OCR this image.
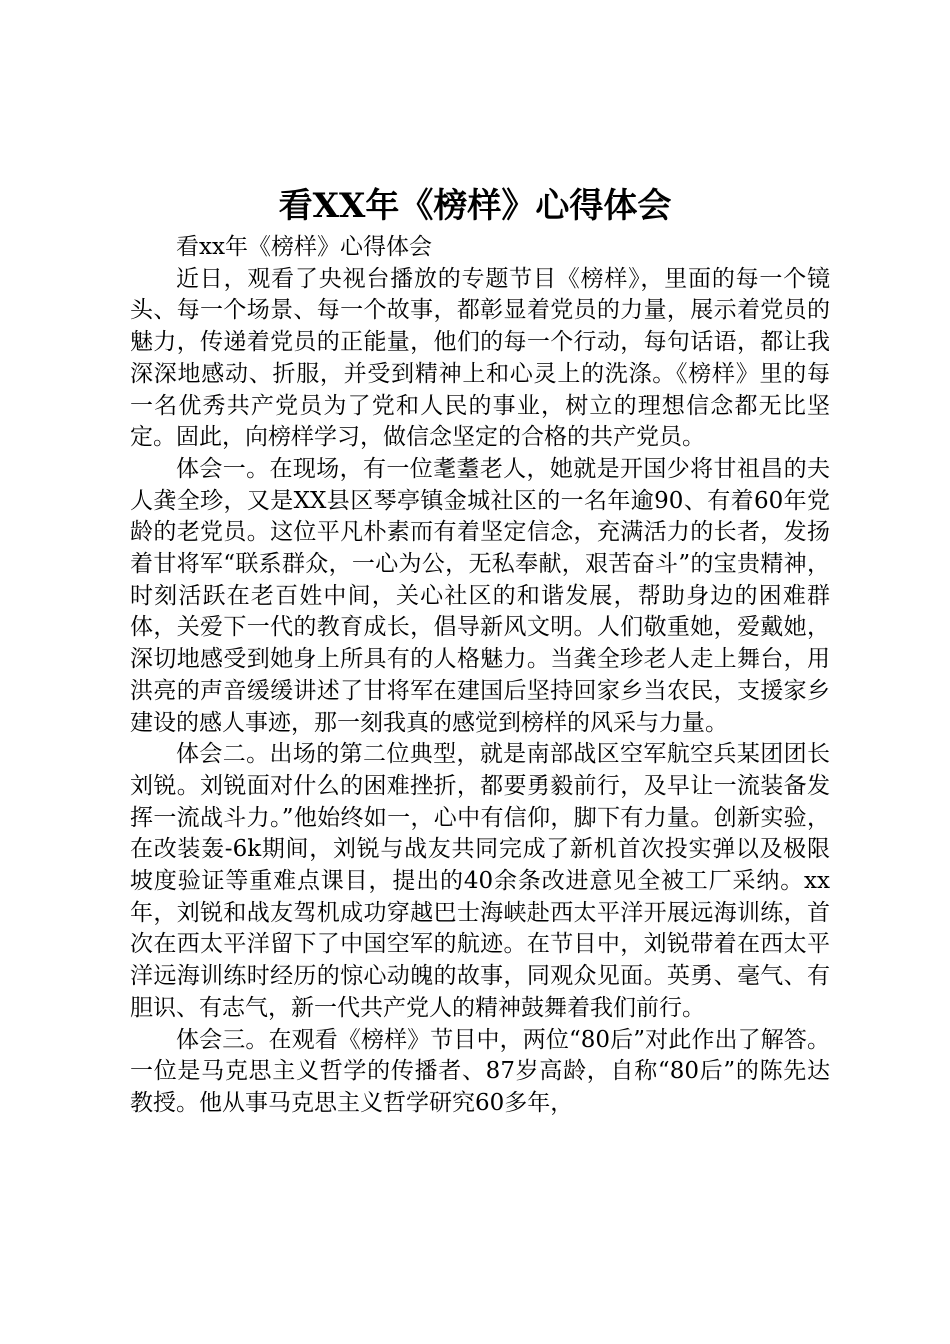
看XX年《榜样》心得体会

看xx年《榜样》心得体会

近日，观看了央视台播放的专题节目《榜样》，里面的每一个镜头、每一个场景、每一个故事，都彰显着党员的力量，展示着党员的魅力，传递着党员的正能量，他们的每一个行动，每句话语，都让我深深地感动、折服，并受到精神上和心灵上的洗涤。《榜样》里的每一名优秀共产党员为了党和人民的事业，树立的理想信念都无比坚定。固此，向榜样学习，做信念坚定的合格的共产党员。

体会一。在现场，有一位耄耋老人，她就是开国少将甘祖昌的夫人龚全珍，又是XX县区琴亭镇金城社区的一名年逾90、有着60年党龄的老党员。这位平凡朴素而有着坚定信念，充满活力的长者，发扬着甘将军“联系群众，一心为公，无私奉献，艰苦奋斗”的宝贵精神，时刻活跃在老百姓中间，关心社区的和谐发展，帮助身边的困难群体，关爱下一代的教育成长，倡导新风文明。人们敬重她，爱戴她，深切地感受到她身上所具有的人格魅力。当龚全珍老人走上舞台，用洪亮的声音缓缓讲述了甘将军在建国后坚持回家乡当农民，支援家乡建设的感人事迹，那一刻我真的感觉到榜样的风采与力量。

体会二。出场的第二位典型，就是南部战区空军航空兵某团团长刘锐。刘锐面对什么的困难挫折，都要勇毅前行，及早让一流装备发挥一流战斗力。”他始终如一，心中有信仰，脚下有力量。创新实验，在改装轰-6k期间，刘锐与战友共同完成了新机首次投实弹以及极限坡度验证等重难点课目，提出的40余条改进意见全被工厂采纳。xx年，刘锐和战友驾机成功穿越巴士海峡赴西太平洋开展远海训练，首次在西太平洋留下了中国空军的航迹。在节目中，刘锐带着在西太平洋远海训练时经历的惊心动魄的故事，同观众见面。英勇、毫气、有胆识、有志气，新一代共产党人的精神鼓舞着我们前行。

体会三。在观看《榜样》节目中，两位“80后”对此作出了解答。一位是马克思主义哲学的传播者、87岁高龄，自称“80后”的陈先达教授。他从事马克思主义哲学研究60多年，
